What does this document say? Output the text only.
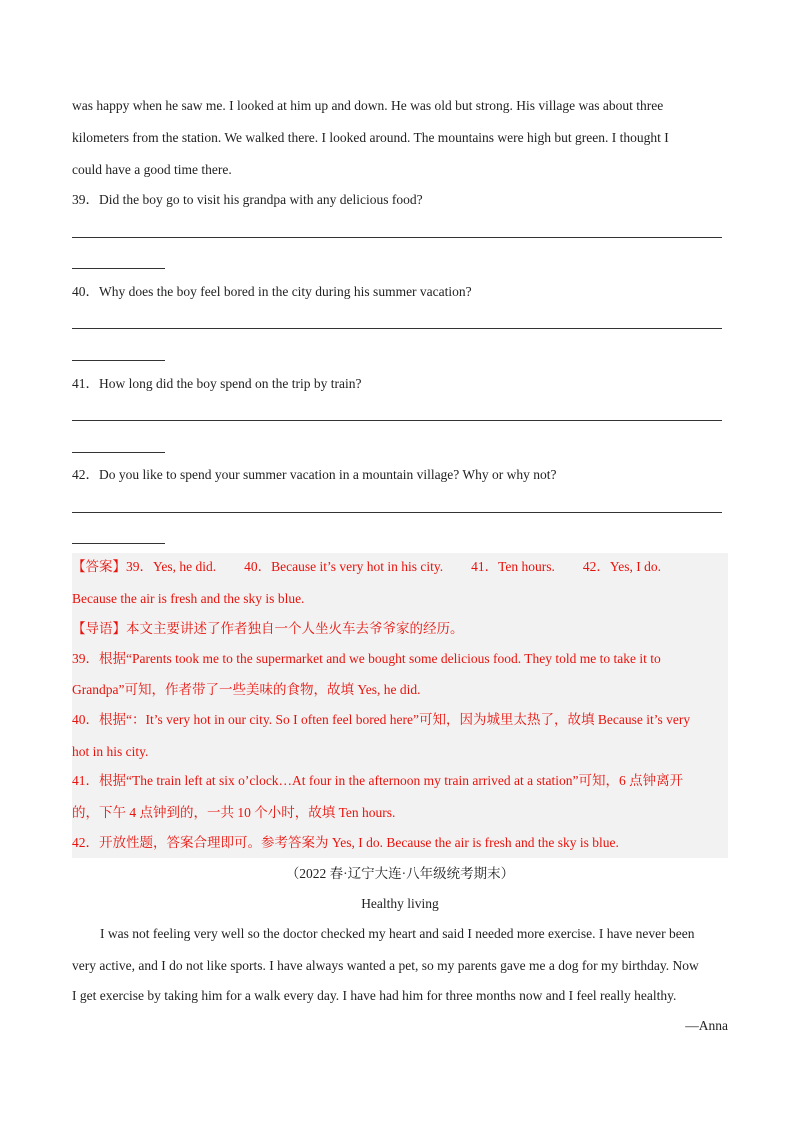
was happy when he saw me. I looked at him up and down. He was old but strong. His village was about three
kilometers from the station. We walked there. I looked around. The mountains were high but green. I thought I
could have a good time there.
39．Did the boy go to visit his grandpa with any delicious food?
40．Why does the boy feel bored in the city during his summer vacation?
41．How long did the boy spend on the trip by train?
42．Do you like to spend your summer vacation in a mountain village? Why or why not?
【答案】39．Yes, he did. 40．Because it’s very hot in his city. 41．Ten hours. 42．Yes, I do.
Because the air is fresh and the sky is blue.
【导语】本文主要讲述了作者独自一个人坐火车去爷爷家的经历。
39．根据“Parents took me to the supermarket and we bought some delicious food. They told me to take it to
Grandpa”可知，作者带了一些美味的食物，故填 Yes, he did.
40．根据“：It’s very hot in our city. So I often feel bored here”可知，因为城里太热了，故填 Because it’s very
hot in his city.
41．根据“The train left at six o’clock…At four in the afternoon my train arrived at a station”可知，6 点钟离开
的，下午 4 点钟到的，一共 10 个小时，故填 Ten hours.
42．开放性题，答案合理即可。参考答案为 Yes, I do. Because the air is fresh and the sky is blue.
（2022 春·辽宁大连·八年级统考期末）
Healthy living
I was not feeling very well so the doctor checked my heart and said I needed more exercise. I have never been
very active, and I do not like sports. I have always wanted a pet, so my parents gave me a dog for my birthday. Now
I get exercise by taking him for a walk every day. I have had him for three months now and I feel really healthy.
—Anna
